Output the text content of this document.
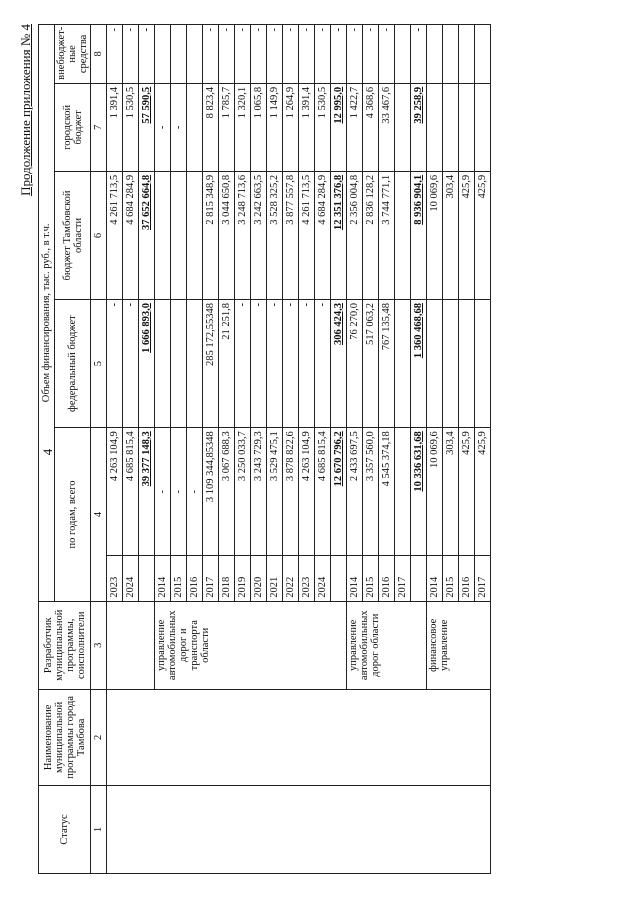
4
Продолжение приложения № 4
Статус	Наименование муниципальной программы города Тамбова	Разработчик муниципальной программы, соисполнители	Объем финансирования, тыс. руб., в т.ч.					
			по годам, всего		федеральный бюджет	бюджет Тамбовской области	городской бюджет	внебюджет-ные средства
1	2	3	4		5	6	7	8
			2023	4 263 104,9	-	4 261 713,5	1 391,4	-
			2024	4 685 815,4	-	4 684 284,9	1 530,5	-
				39 377 148,3	1 666 893,0	37 652 664,8	57 590,5	-
		управление автомобильных дорог и транспорта области	2014	-			-	
			2015	-			-	
			2016	-				
			2017	3 109 344,85348	285 172,55348	2 815 348,9	8 823,4	-
			2018	3 067 688,3	21 251,8	3 044 650,8	1 785,7	-
			2019	3 250 033,7	-	3 248 713,6	1 320,1	-
			2020	3 243 729,3	-	3 242 663,5	1 065,8	-
			2021	3 529 475,1	-	3 528 325,2	1 149,9	-
			2022	3 878 822,6	-	3 877 557,8	1 264,9	-
			2023	4 263 104,9	-	4 261 713,5	1 391,4	-
			2024	4 685 815,4	-	4 684 284,9	1 530,5	-
				12 670 796,2	306 424,3	12 351 376,8	12 995,0	-
		управление автомобильных дорог области	2014	2 433 697,5	76 270,0	2 356 004,8	1 422,7	-
			2015	3 357 560,0	517 063,2	2 836 128,2	4 368,6	-
			2016	4 545 374,18	767 135,48	3 744 771,1	33 467,6	-
			2017					
				10 336 631,68	1 360 468,68	8 936 904,1	39 258,9	-
		финансовое управление	2014	10 069,6		10 069,6		
			2015	303,4		303,4		
			2016	425,9		425,9		
			2017	425,9		425,9		
